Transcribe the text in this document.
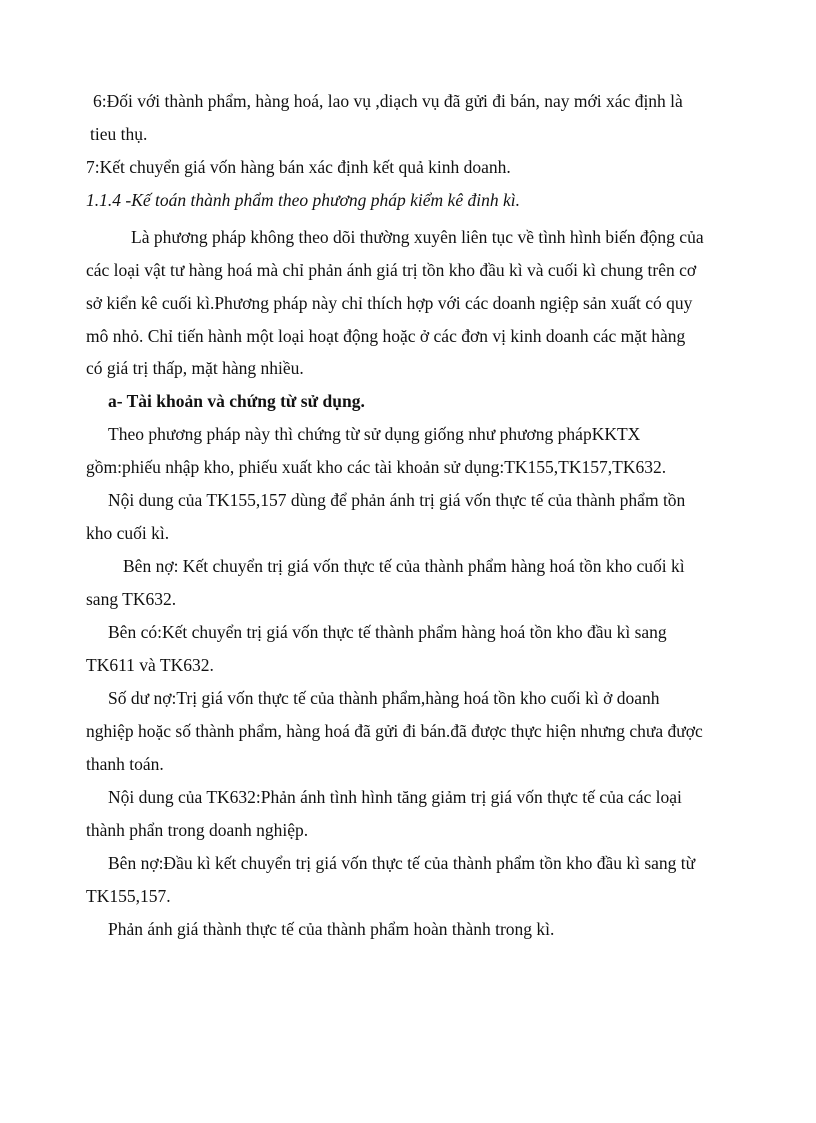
6:Đối với thành phẩm, hàng hoá, lao vụ ,diạch vụ đã gửi đi bán, nay mới xác định là
tieu thụ.
7:Kết chuyển giá vốn hàng bán xác định kết quả kinh doanh.
1.1.4 -Kế toán thành phẩm theo phương pháp kiểm kê đinh kì.
Là phương pháp không theo dõi thường xuyên liên tục về tình hình biến động của
các loại vật tư hàng hoá mà chỉ phản ánh giá trị tồn kho đầu kì và cuối kì chung trên cơ
sở kiển kê cuối kì.Phương pháp này chỉ thích hợp với các doanh ngiệp sản xuất có quy
mô nhỏ. Chỉ tiến hành một loại hoạt động hoặc ở các đơn vị kinh doanh các mặt hàng
có giá trị thấp, mặt hàng nhiều.
a- Tài khoản và chứng từ sử dụng.
Theo phương pháp này thì chứng từ sử dụng giống như phương phápKKTX
gồm:phiếu nhập kho, phiếu xuất kho các tài khoản sử dụng:TK155,TK157,TK632.
Nội dung của TK155,157 dùng để phản ánh trị giá vốn thực tế của thành phẩm tồn
kho cuối kì.
Bên nợ: Kết chuyển trị giá vốn thực tế của thành phẩm hàng hoá tồn kho cuối kì
sang TK632.
Bên có:Kết chuyển trị giá vốn thực tế thành phẩm hàng hoá tồn kho đầu kì sang
TK611 và TK632.
Số dư nợ:Trị giá vốn thực tế của thành phẩm,hàng hoá tồn kho cuối kì ở doanh
nghiệp hoặc số thành phẩm, hàng hoá đã gửi đi bán.đã được thực hiện nhưng chưa được
thanh toán.
Nội dung của TK632:Phản ánh tình hình tăng giảm trị giá vốn thực tế của các loại
thành phẩn trong doanh nghiệp.
Bên nợ:Đầu kì kết chuyển trị giá vốn thực tế của thành phẩm tồn kho đầu kì sang từ
TK155,157.
Phản ánh giá thành thực tế của thành phẩm hoàn thành trong kì.
